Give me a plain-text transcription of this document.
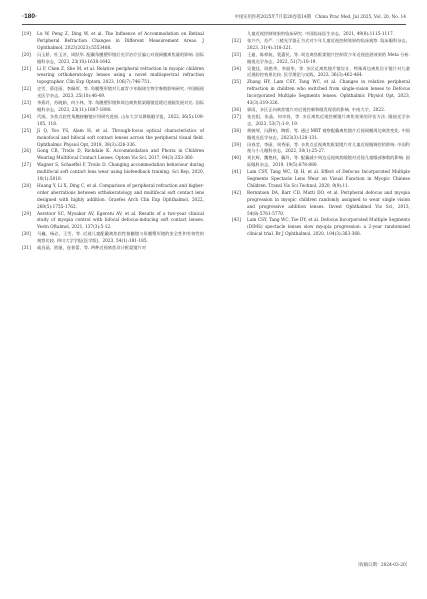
·180·	中国实用医药2025年7月第20卷第14期　China Prac Med, Jul 2025, Vol. 20, No. 14

[19] Lu W, Peng Z, Ding W, et al. The Influence of Accommodation on Retinal Peripheral Refraction Changes in Different Measurement Areas. J Ophthalmol, 2023(2023):5553488.

[20] 冯玉娇，杜玉芳，周跃华. 配戴角膜塑形镜后光学治疗区偏心对视网膜离焦量的影响. 国际眼科杂志，2023, 23(10):1638-1642.

[21] Li F, Chen Z, She M, et al. Relative peripheral refraction in myopic children wearing orthokeratology lenses using a novel multispectral refraction topographer. Clin Exp Optom, 2023, 106(7):746-751.

[22] 史雪，薛佳丽，李佩邦，等. 角膜塑形镜对儿童青少年眼球生物学参数影响研究. 中国眼视光医学杂志，2023, 25(10):46-49.

[23] 李燕玲，苏晓娟，何小林，等. 角膜塑形镜和周边离焦框架眼镜延缓近视眼发展对比. 国际眼科杂志，2023, 23(11):1887-1890.

[24] 代威，多焦点软性角膜接触镜应用研究进展. 山东大学耳鼻喉眼学报，2022, 36(5):100-105, 118.

[25] Ji Q, Yoo YS, Alam H, et al. Through-focus optical characteristics of monofocal and bifocal soft contact lenses across the peripheral visual field. Ophthalmic Physiol Opt, 2018, 38(3):326-336.

[26] Gong CR, Troilo D, Richdale K. Accommodation and Phoria in Children Wearing Multifocal Contact Lenses. Optom Vis Sci, 2017, 94(3):353-360.

[27] Wagner S, Schaeffel F, Troilo D. Changing accommodation behaviour during multifocal soft contact lens wear using biofeedback training. Sci Rep, 2020, 10(1):5018.

[28] Huang Y, Li X, Ding C, et al. Comparison of peripheral refraction and higher-order aberrations between orthokeratology and multifocal soft contact lens designed with highly addition. Graefes Arch Clin Exp Ophthalmol, 2022, 260(5):1755-1762.

[29] Aerstoor SC, Mysaker AV, Egeretu AV, et al. Results of a two-year clinical study of myopia control with bifocal defocus-inducing soft contact lenses. Vestn Oftalmol, 2021, 137(3):5-12.

[30] 马巍，杨必，王雪，等. 近视儿童配戴离焦软性接触镜与角膜塑形镜的室全性和有效性的观察比较. 四川大学学报(医学版)，2023, 54(1):181-185.

[31] 戚昌晶，欧娅，连春蕾，等. 两种近视离焦设计框架镜片对

儿童近视控制效果的临床研究. 中国临床医生杂志，2021, 49(8):1115-1117.

[32] 张兴兴，苏严. 三棱光学器正为式对少年儿童近视控制效果的临床观察. 临床眼科杂志，2023, 31(4):318-321.

[33] 王迪，陈梓航，裴惠民，等. 周边离焦框架镜片控制青少年近视进展效果的 Meta 分析. 眼视光学杂志，2022, 51(7):10-19.

[34] 吴俊佳，陈艳华，李丽华，等. 多区近离焦镜片镜设计，特殊周边离焦设计镜片对儿童近视防控效果比较. 医学理论与实践，2023, 36(3):462-464.

[35] Zhang HY, Lam CSY, Tang WC, et al. Changes in relative peripheral refraction in children who switched from single-vision lenses to Defocus Incorporated Multiple Segments lenses. Ophthalmic Physiol Opt, 2023, 43(3):319-326.

[36] 郭雨，多区正向离焦镜片对近视控制和眼发现状的影响. 中南大学，2022.

[37] 张亮组，张晶，何卓容，等. 多区离焦近视控制镜片离焦效果的评估方法. 眼视光学杂志，2023, 53(7):1-9, 19.

[38] 黄婉琴，冯静柏，陶娇，等. 通过 MRT 观察配戴离焦镜片后视网膜周边离焦变化. 中国眼视光医学杂志，2023(3):128-131.

[39] 田春莹，李丽，周秀丽，等. 多焦点近视离焦框架镜片对儿童近视眼调控的影响. 中国科视与小儿眼科杂志，2022, 30(1):25-27.

[40] 刘长辉，魏艳枝，戴玲，等. 配戴减少周边远视离焦眼镜对近视儿童眼部参数的影响. 国际眼科杂志，2019, 19(5):878-880.

[41] Lam CSY, Tang WC, Qi H, et al. Effect of Defocus Incorporated Multiple Segments Spectacle Lens Wear on Visual Function in Myopic Chinese Children. Transl Vis Sci Technol, 2020, 9(9):11.

[42] Bernntsen DA, Barr CD, Mutti DO, et al. Peripheral defocus and myopia progression in myopic children randomly assigned to wear single vision and progressive addition lenses. Invest Ophthalmol Vis Sci, 2013, 54(8):5761-5770.

[43] Lam CSY, Tang WC, Tse DY, et al. Defocus Incorporated Multiple Segments (DIMS) spectacle lenses slow myopia progression: a 2-year randomised clinical trial. Br J Ophthalmol, 2020, 104(3):363-368.

［收稿日期：2024-03-20］
